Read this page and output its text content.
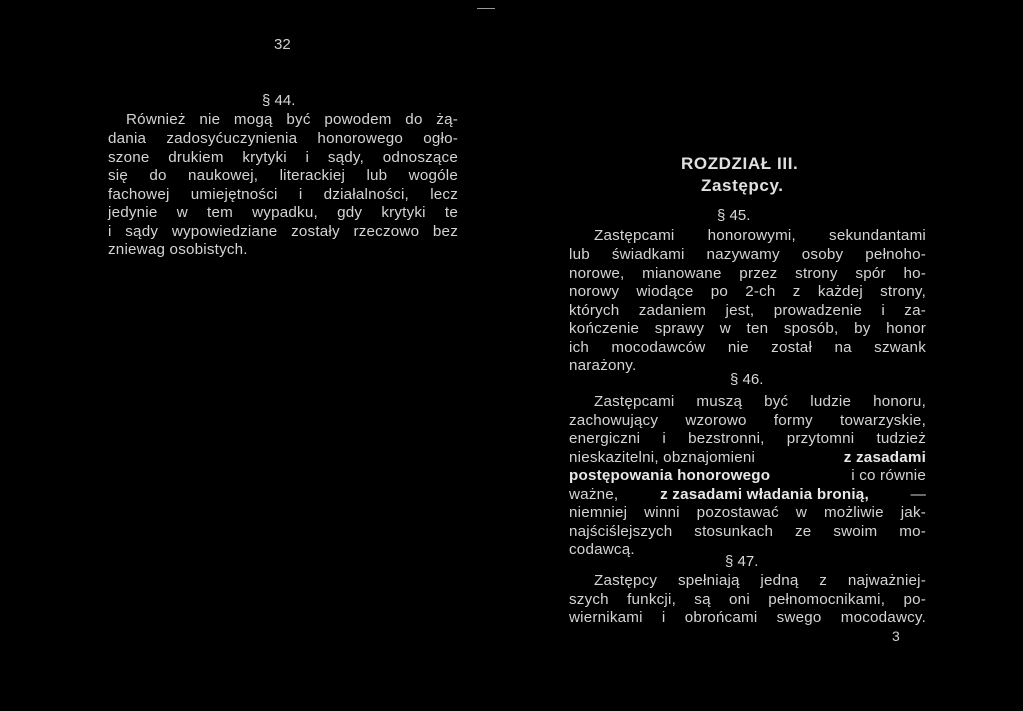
32
§ 44.
Również nie mogą być powodem do żą-
dania zadosyćuczynienia honorowego ogło-
szone drukiem krytyki i sądy, odnoszące
się do naukowej, literackiej lub wogóle
fachowej umiejętności i działalności, lecz
jedynie w tem wypadku, gdy krytyki te
i sądy wypowiedziane zostały rzeczowo bez
zniewag osobistych.
ROZDZIAŁ III.
Zastępcy.
§ 45.
Zastępcami honorowymi, sekundantami
lub świadkami nazywamy osoby pełnoho-
norowe, mianowane przez strony spór ho-
norowy wiodące po 2-ch z każdej strony,
których zadaniem jest, prowadzenie i za-
kończenie sprawy w ten sposób, by honor
ich mocodawców nie został na szwank
narażony.
§ 46.
Zastępcami muszą być ludzie honoru,
zachowujący wzorowo formy towarzyskie,
energiczni i bezstronni, przytomni tudzież
nieskazitelni, obznajomieni	z zasadami
postępowania honorowego	i co równie
ważne,	z zasadami władania bronią,	—
niemniej winni pozostawać w możliwie jak-
najściślejszych stosunkach ze swoim mo-
codawcą.
§ 47.
Zastępcy spełniają jedną z najważniej-
szych funkcji, są oni pełnomocnikami, po-
wiernikami i obrońcami swego mocodawcy.
3
